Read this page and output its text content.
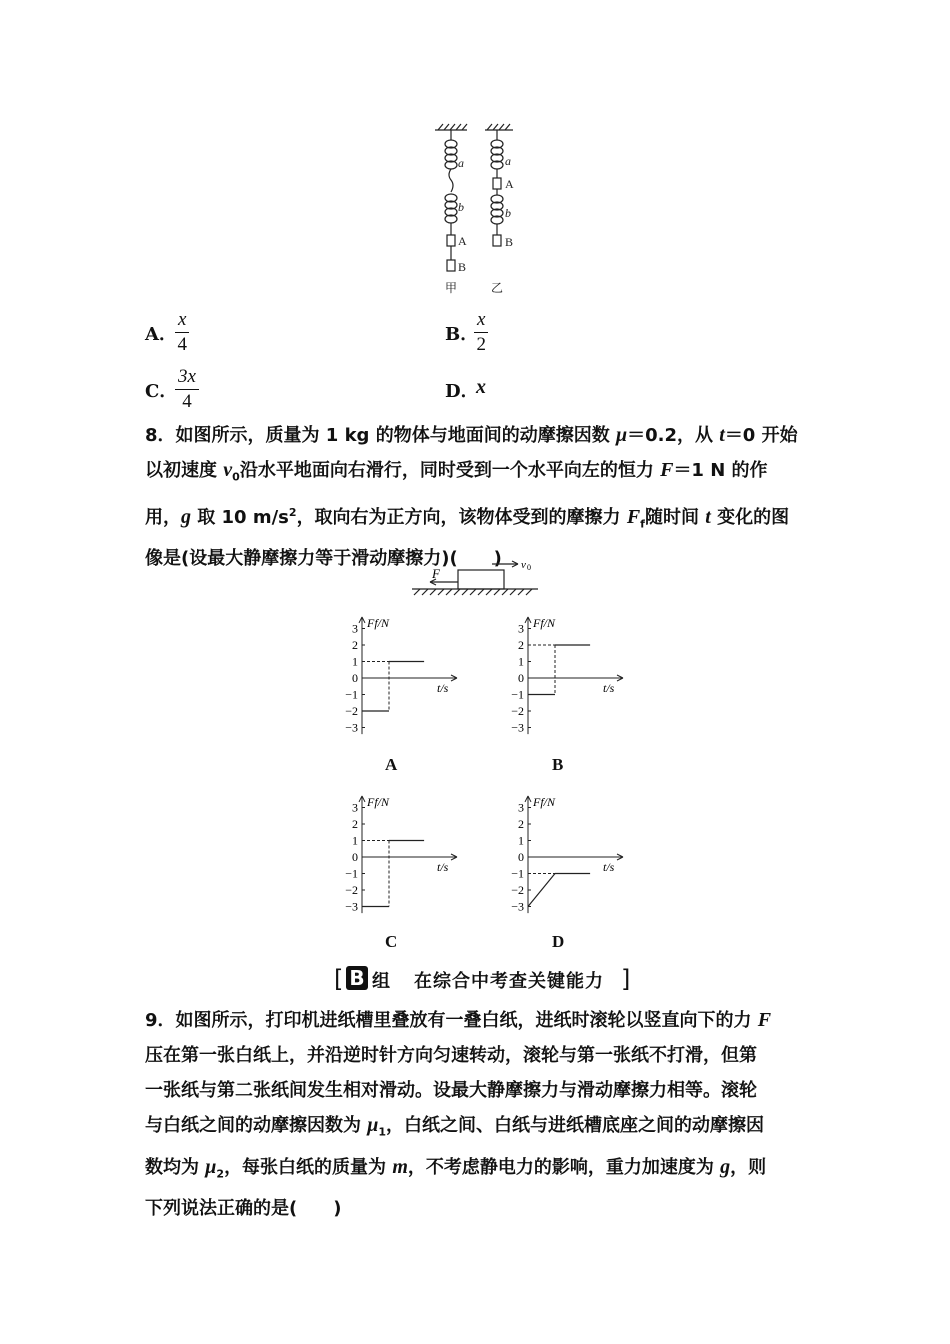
a
b
A
B
甲
a
A
b
B
乙
A．
x
4	B．
x
2
C．
3x
4	D．
x
8．如图所示，质量为 1 kg 的物体与地面间的动摩擦因数 μ＝0.2，从 t＝0 开始
以初速度 $v_0$沿水平地面向右滑行，同时受到一个水平向左的恒力 F＝1 N 的作
用，g 取 10 $m/s^2$，取向右为正方向，该物体受到的摩擦力 $F_f$随时间 t 变化的图
像是(设最大静摩擦力等于滑动摩擦力)(　　)
F
v 0
Ff/N
t/s
3
2
1
0
−1
−2
−3
Ff/N
t/s
3
2
1
0
−1
−2
−3
Ff/N
t/s
3
2
1
0
−1
−2
−3
Ff/N
t/s
3
2
1
0
−1
−2
−3
A	B
C	D
[ B 组 在综合中考查关键能力 ]
9．如图所示，打印机进纸槽里叠放有一叠白纸，进纸时滚轮以竖直向下的力 F
压在第一张白纸上，并沿逆时针方向匀速转动，滚轮与第一张纸不打滑，但第
一张纸与第二张纸间发生相对滑动。设最大静摩擦力与滑动摩擦力相等。滚轮
与白纸之间的动摩擦因数为 $\mu_1$，白纸之间、白纸与进纸槽底座之间的动摩擦因
数均为 $\mu_2$，每张白纸的质量为 m，不考虑静电力的影响，重力加速度为 g，则
下列说法正确的是(　　)
